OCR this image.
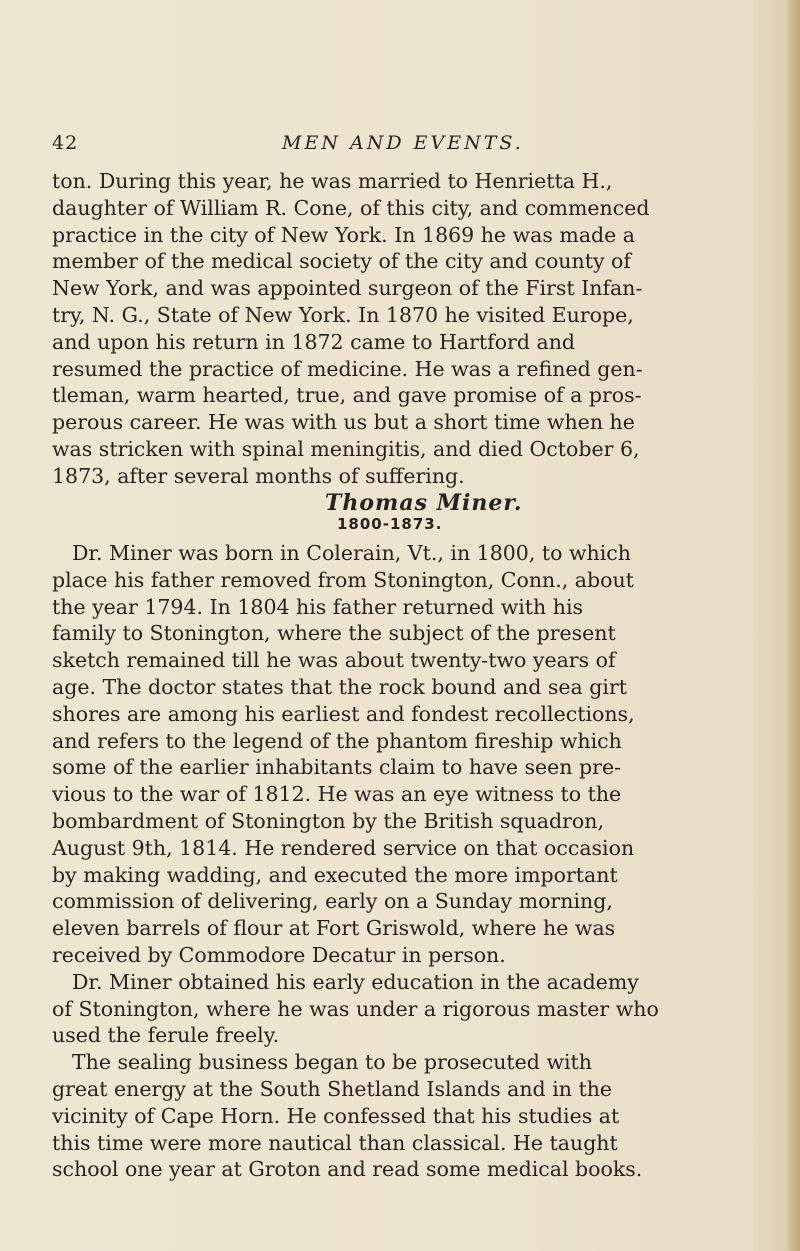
42	MEN AND EVENTS.
ton. During this year, he was married to Henrietta H.,
daughter of William R. Cone, of this city, and commenced
practice in the city of New York. In 1869 he was made a
member of the medical society of the city and county of
New York, and was appointed surgeon of the First Infan-
try, N. G., State of New York. In 1870 he visited Europe,
and upon his return in 1872 came to Hartford and
resumed the practice of medicine. He was a refined gen-
tleman, warm hearted, true, and gave promise of a pros-
perous career. He was with us but a short time when he
was stricken with spinal meningitis, and died October 6,
1873, after several months of suffering.
Thomas Miner.
1800-1873.
Dr. Miner was born in Colerain, Vt., in 1800, to which
place his father removed from Stonington, Conn., about
the year 1794. In 1804 his father returned with his
family to Stonington, where the subject of the present
sketch remained till he was about twenty-two years of
age. The doctor states that the rock bound and sea girt
shores are among his earliest and fondest recollections,
and refers to the legend of the phantom fireship which
some of the earlier inhabitants claim to have seen pre-
vious to the war of 1812. He was an eye witness to the
bombardment of Stonington by the British squadron,
August 9th, 1814. He rendered service on that occasion
by making wadding, and executed the more important
commission of delivering, early on a Sunday morning,
eleven barrels of flour at Fort Griswold, where he was
received by Commodore Decatur in person.
Dr. Miner obtained his early education in the academy
of Stonington, where he was under a rigorous master who
used the ferule freely.
The sealing business began to be prosecuted with
great energy at the South Shetland Islands and in the
vicinity of Cape Horn. He confessed that his studies at
this time were more nautical than classical. He taught
school one year at Groton and read some medical books.
